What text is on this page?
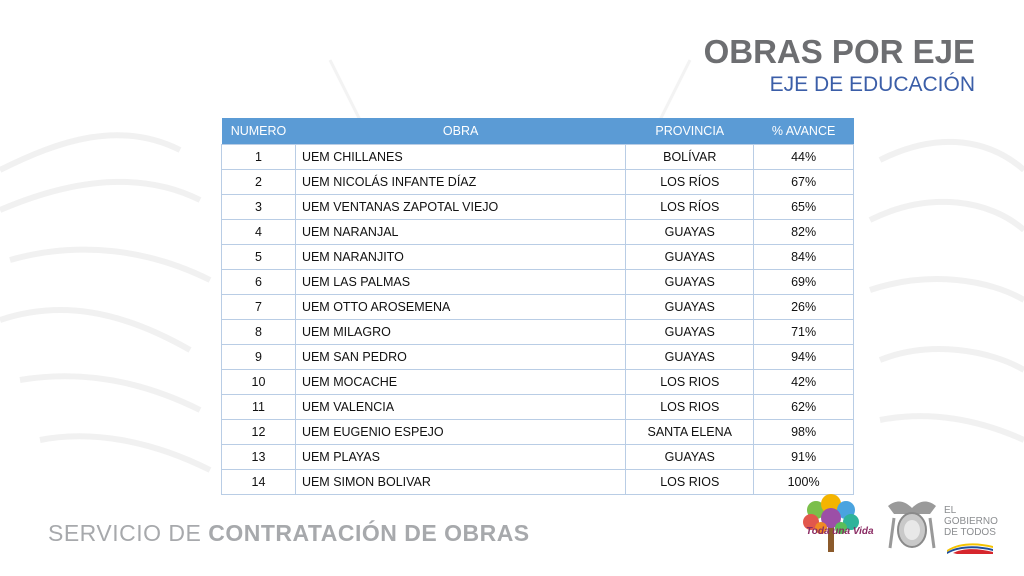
OBRAS POR EJE
EJE DE EDUCACIÓN
NUMERO	OBRA	PROVINCIA	% AVANCE
1	UEM CHILLANES	BOLÍVAR	44%
2	UEM NICOLÁS INFANTE DÍAZ	LOS RÍOS	67%
3	UEM VENTANAS ZAPOTAL VIEJO	LOS RÍOS	65%
4	UEM NARANJAL	GUAYAS	82%
5	UEM NARANJITO	GUAYAS	84%
6	UEM LAS PALMAS	GUAYAS	69%
7	UEM OTTO AROSEMENA	GUAYAS	26%
8	UEM MILAGRO	GUAYAS	71%
9	UEM SAN PEDRO	GUAYAS	94%
10	UEM MOCACHE	LOS RIOS	42%
11	UEM VALENCIA	LOS RIOS	62%
12	UEM EUGENIO ESPEJO	SANTA ELENA	98%
13	UEM PLAYAS	GUAYAS	91%
14	UEM SIMON BOLIVAR	LOS RIOS	100%
SERVICIO DE CONTRATACIÓN DE OBRAS	Toda una Vida
EL
GOBIERNO
DE TODOS
